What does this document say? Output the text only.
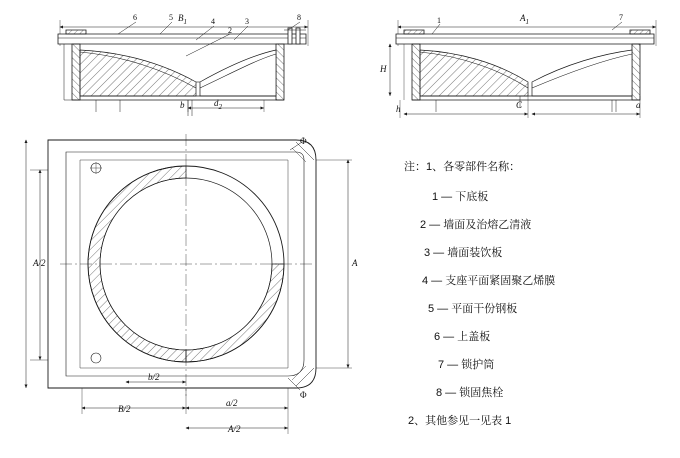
$B_1$
6	5	4	3
2
8
$d_2$
b
$A_1$
H
h	C	a
7
1
A/2	A
b/2
B/2
a/2
A/2
Φ
Φ
注：1、各零部件名称：
1 — 下底板
2 — 墙面及治熔乙清液
3 — 墙面装饮板
4 — 支座平面紧固聚乙烯膜
5 — 平面干份钢板
6 — 上盖板
7 — 锁护筒
8 — 锁固焦栓
2、其他参见一见表 1
